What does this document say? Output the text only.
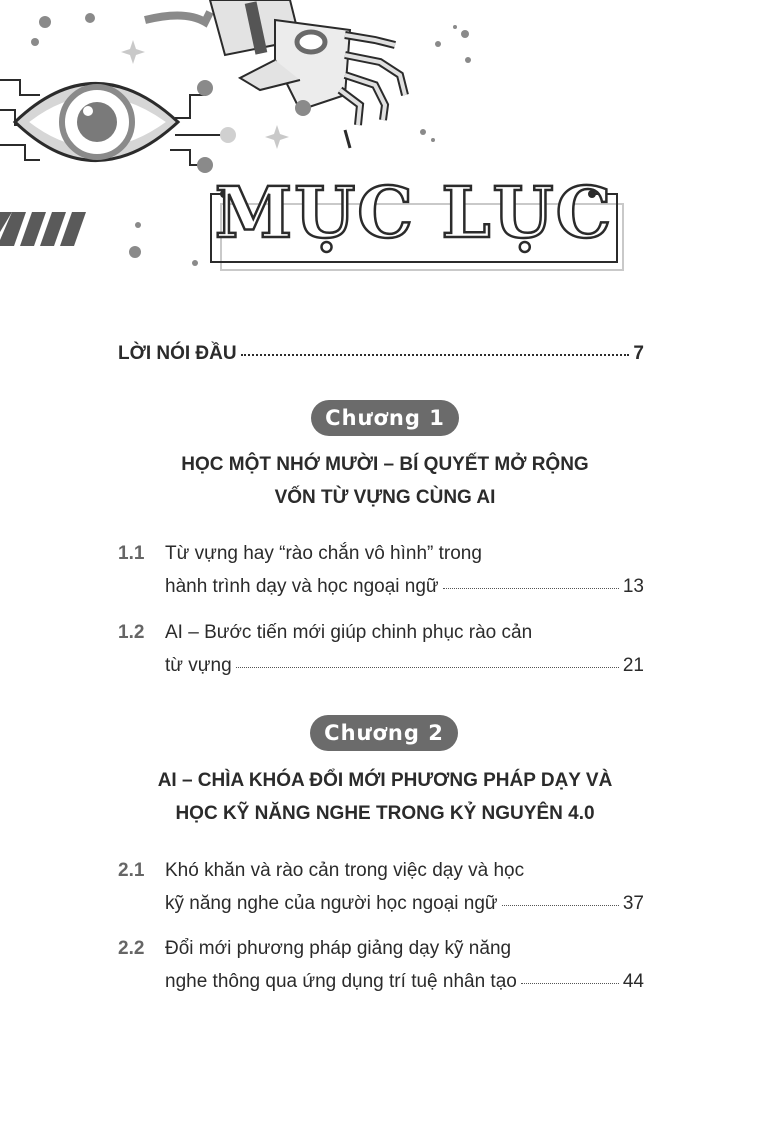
MỤC LỤC
LỜI NÓI ĐẦU	7
Chương 1
HỌC MỘT NHỚ MƯỜI – BÍ QUYẾT MỞ RỘNG
VỐN TỪ VỰNG CÙNG AI
1.1 Từ vựng hay “rào chắn vô hình” trong
hành trình dạy và học ngoại ngữ	13
1.2 AI – Bước tiến mới giúp chinh phục rào cản
từ vựng	21
Chương 2
AI – CHÌA KHÓA ĐỔI MỚI PHƯƠNG PHÁP DẠY VÀ
HỌC KỸ NĂNG NGHE TRONG KỶ NGUYÊN 4.0
2.1 Khó khăn và rào cản trong việc dạy và học
kỹ năng nghe của người học ngoại ngữ	37
2.2 Đổi mới phương pháp giảng dạy kỹ năng
nghe thông qua ứng dụng trí tuệ nhân tạo	44
